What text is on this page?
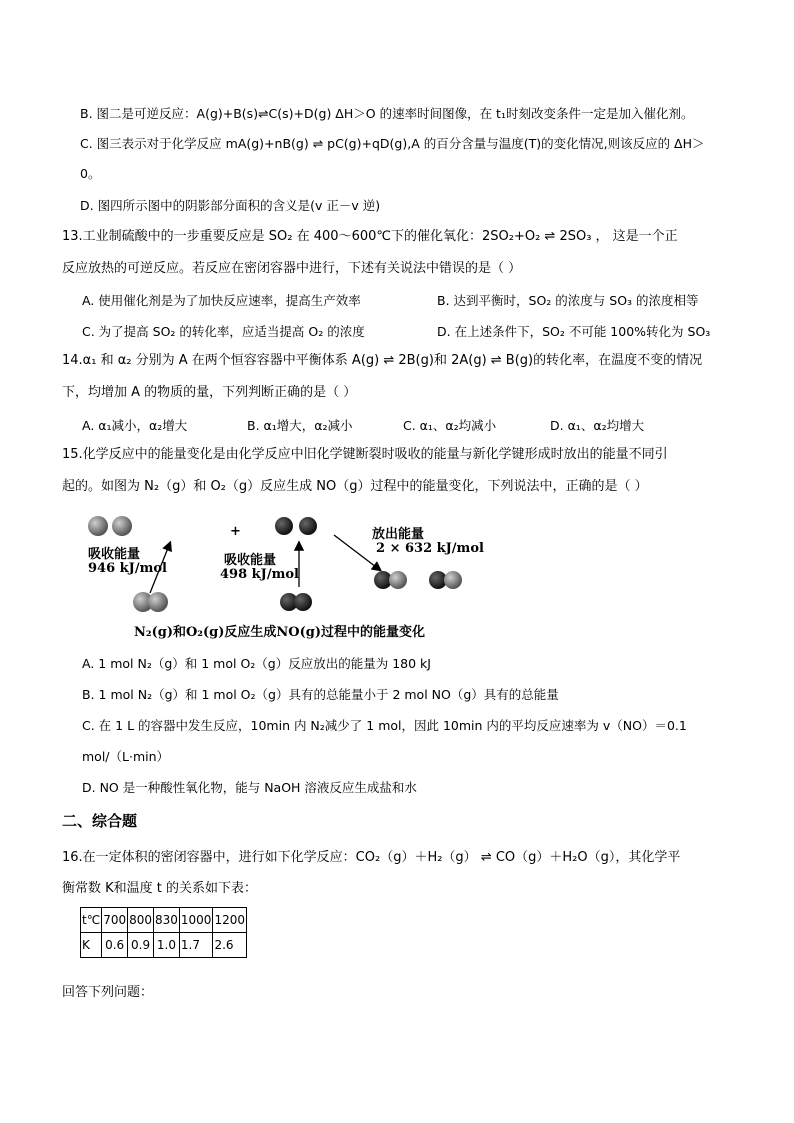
B. 图二是可逆反应：A(g)+B(s)⇌C(s)+D(g) ΔH＞O 的速率时间图像，在 t₁时刻改变条件一定是加入催化剂。
C. 图三表示对于化学反应 mA(g)+nB(g) ⇌ pC(g)+qD(g),A 的百分含量与温度(T)的变化情况,则该反应的 ΔH＞
0。
D. 图四所示图中的阴影部分面积的含义是(v 正－v 逆)
13.工业制硫酸中的一步重要反应是 SO₂ 在 400～600℃下的催化氧化：2SO₂+O₂ ⇌ 2SO₃ ， 这是一个正
反应放热的可逆反应。若反应在密闭容器中进行，下述有关说法中错误的是（ ）
A. 使用催化剂是为了加快反应速率，提高生产效率	B. 达到平衡时，SO₂ 的浓度与 SO₃ 的浓度相等
C. 为了提高 SO₂ 的转化率，应适当提高 O₂ 的浓度	D. 在上述条件下，SO₂ 不可能 100%转化为 SO₃
14.α₁ 和 α₂ 分别为 A 在两个恒容容器中平衡体系 A(g) ⇌ 2B(g)和 2A(g) ⇌ B(g)的转化率，在温度不变的情况
下，均增加 A 的物质的量，下列判断正确的是（ ）
A. α₁减小，α₂增大	B. α₁增大，α₂减小	C. α₁、α₂均减小	D. α₁、α₂均增大
15.化学反应中的能量变化是由化学反应中旧化学键断裂时吸收的能量与新化学键形成时放出的能量不同引
起的。如图为 N₂（g）和 O₂（g）反应生成 NO（g）过程中的能量变化，下列说法中，正确的是（ ）
+
吸收能量
946 kJ/mol
吸收能量
498 kJ/mol
放出能量
2 × 632 kJ/mol
N₂(g)和O₂(g)反应生成NO(g)过程中的能量变化
A. 1 mol N₂（g）和 1 mol O₂（g）反应放出的能量为 180 kJ
B. 1 mol N₂（g）和 1 mol O₂（g）具有的总能量小于 2 mol NO（g）具有的总能量
C. 在 1 L 的容器中发生反应，10min 内 N₂减少了 1 mol，因此 10min 内的平均反应速率为 v（NO）＝0.1
mol/（L·min）
D. NO 是一种酸性氧化物，能与 NaOH 溶液反应生成盐和水
二、综合题
16.在一定体积的密闭容器中，进行如下化学反应：CO₂（g）＋H₂（g） ⇌ CO（g）＋H₂O（g），其化学平
衡常数 K和温度 t 的关系如下表：
t℃	700	800	830	1000	1200
K	0.6	0.9	1.0	1.7	2.6
回答下列问题：
